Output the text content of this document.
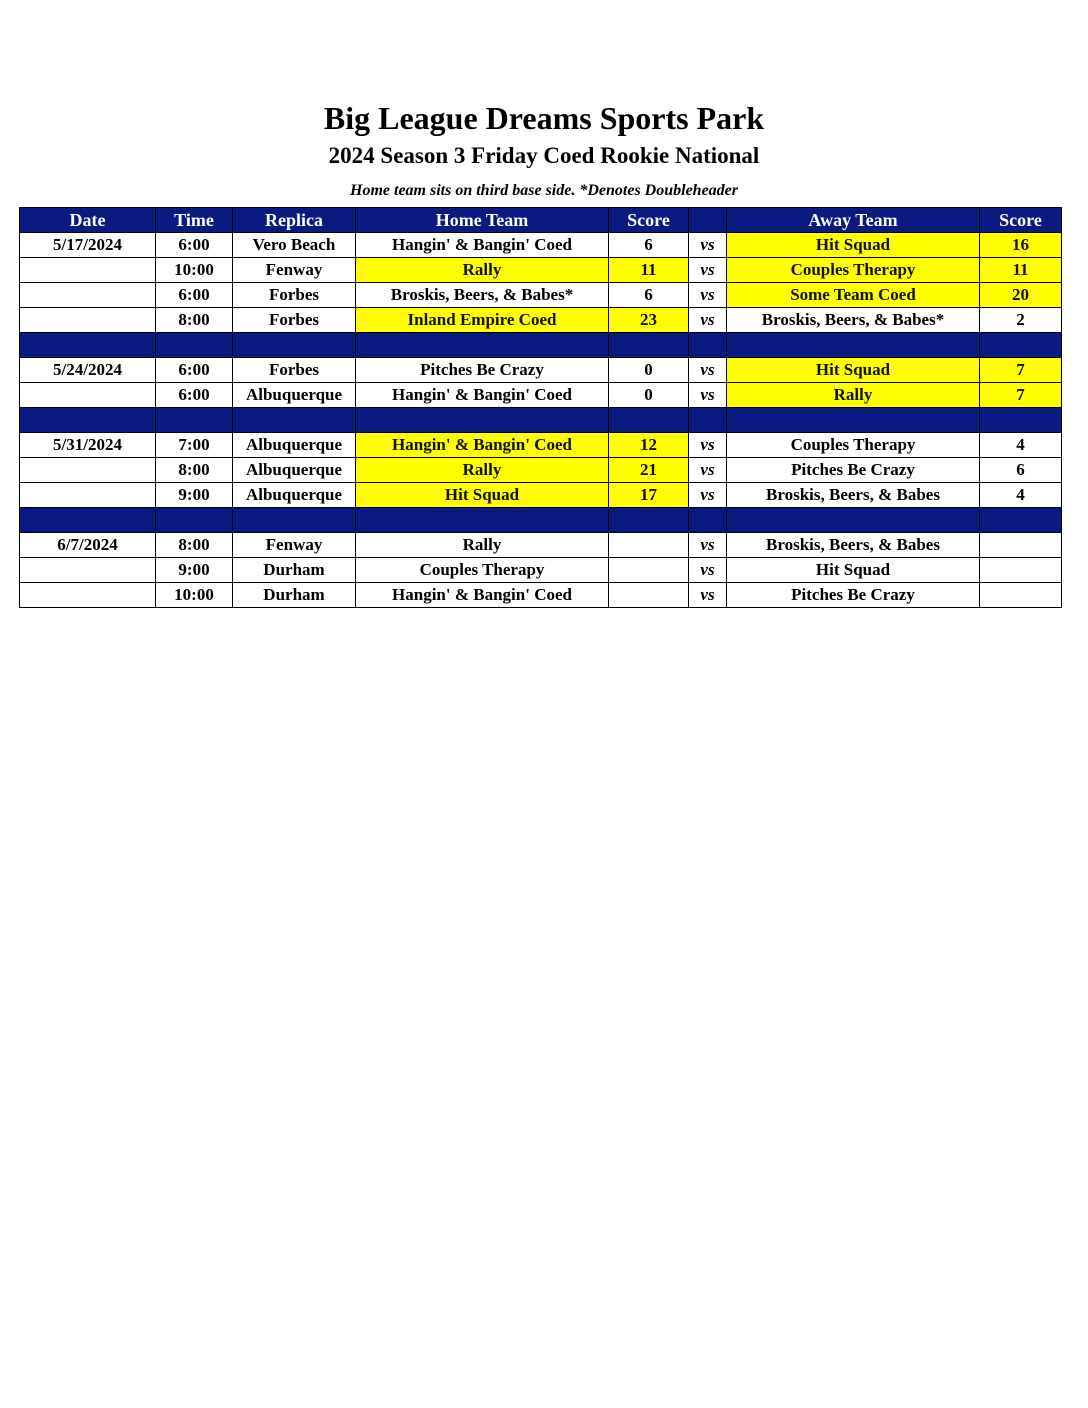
Big League Dreams Sports Park
2024 Season 3 Friday Coed Rookie National
Home team sits on third base side. *Denotes Doubleheader
Date	Time	Replica	Home Team	Score		Away Team	Score
5/17/2024	6:00	Vero Beach	Hangin' & Bangin' Coed	6	vs	Hit Squad	16
	10:00	Fenway	Rally	11	vs	Couples Therapy	11
	6:00	Forbes	Broskis, Beers, & Babes*	6	vs	Some Team Coed	20
	8:00	Forbes	Inland Empire Coed	23	vs	Broskis, Beers, & Babes*	2

5/24/2024	6:00	Forbes	Pitches Be Crazy	0	vs	Hit Squad	7
	6:00	Albuquerque	Hangin' & Bangin' Coed	0	vs	Rally	7

5/31/2024	7:00	Albuquerque	Hangin' & Bangin' Coed	12	vs	Couples Therapy	4
	8:00	Albuquerque	Rally	21	vs	Pitches Be Crazy	6
	9:00	Albuquerque	Hit Squad	17	vs	Broskis, Beers, & Babes	4

6/7/2024	8:00	Fenway	Rally		vs	Broskis, Beers, & Babes	
	9:00	Durham	Couples Therapy		vs	Hit Squad	
	10:00	Durham	Hangin' & Bangin' Coed		vs	Pitches Be Crazy	
